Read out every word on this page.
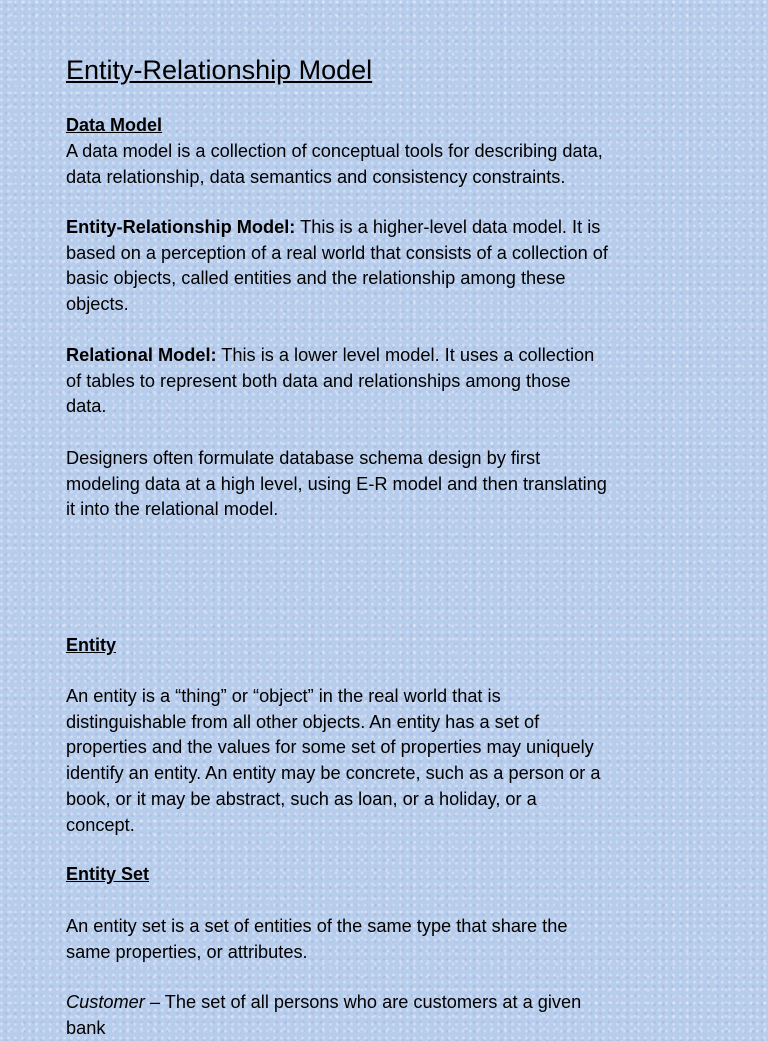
Entity-Relationship Model
Data Model

A data model is a collection of conceptual tools for describing data,
data relationship, data semantics and consistency constraints.

Entity-Relationship Model: This is a higher-level data model. It is
based on a perception of a real world that consists of a collection of
basic objects, called entities and the relationship among these
objects.

Relational Model: This is a lower level model. It uses a collection
of tables to represent both data and relationships among those
data.

Designers often formulate database schema design by first
modeling data at a high level, using E-R model and then translating
it into the relational model.

Entity

An entity is a “thing” or “object” in the real world that is
distinguishable from all other objects. An entity has a set of
properties and the values for some set of properties may uniquely
identify an entity. An entity may be concrete, such as a person or a
book, or it may be abstract, such as loan, or a holiday, or a
concept.

Entity Set

An entity set is a set of entities of the same type that share the
same properties, or attributes.

Customer – The set of all persons who are customers at a given
bank
